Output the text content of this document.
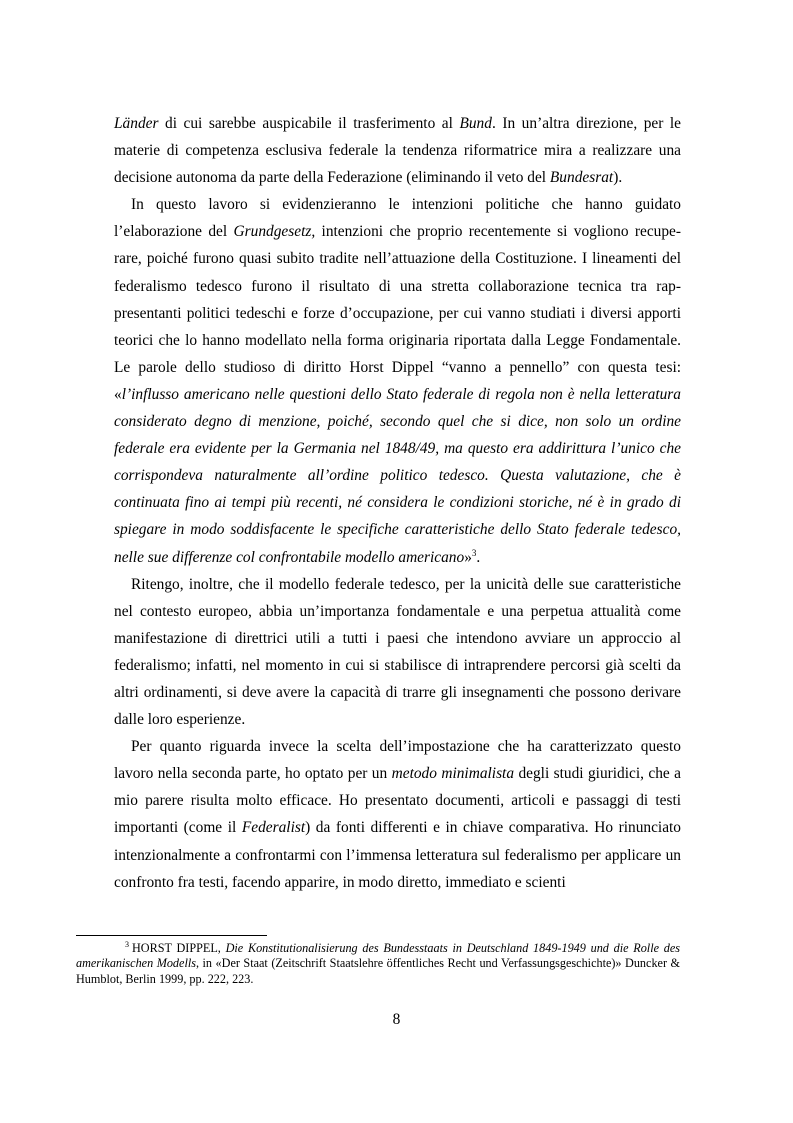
Länder di cui sarebbe auspicabile il trasferimento al Bund. In un’altra direzione, per le materie di competenza esclusiva federale la tendenza riformatrice mira a realizzare una decisione autonoma da parte della Federazione (eliminando il veto del Bundesrat).

In questo lavoro si evidenzieranno le intenzioni politiche che hanno guidato l’elaborazione del Grundgesetz, intenzioni che proprio recentemente si vogliono recuperare, poiché furono quasi subito tradite nell’attuazione della Costituzione. I lineamenti del federalismo tedesco furono il risultato di una stretta collaborazione tecnica tra rappresentanti politici tedeschi e forze d’occupazione, per cui vanno studiati i diversi apporti teorici che lo hanno modellato nella forma originaria riportata dalla Legge Fondamentale. Le parole dello studioso di diritto Horst Dippel “vanno a pennello” con questa tesi: «l’influsso americano nelle questioni dello Stato federale di regola non è nella letteratura considerato degno di menzione, poiché, secondo quel che si dice, non solo un ordine federale era evidente per la Germania nel 1848/49, ma questo era addirittura l’unico che corrispondeva naturalmente all’ordine politico tedesco. Questa valutazione, che è continuata fino ai tempi più recenti, né considera le condizioni storiche, né è in grado di spiegare in modo soddisfacente le specifiche caratteristiche dello Stato federale tedesco, nelle sue differenze col confrontabile modello americano»$^3$.

Ritengo, inoltre, che il modello federale tedesco, per la unicità delle sue caratteristiche nel contesto europeo, abbia un’importanza fondamentale e una perpetua attualità come manifestazione di direttrici utili a tutti i paesi che intendono avviare un approccio al federalismo; infatti, nel momento in cui si stabilisce di intraprendere percorsi già scelti da altri ordinamenti, si deve avere la capacità di trarre gli insegnamenti che possono derivare dalle loro esperienze.

Per quanto riguarda invece la scelta dell’impostazione che ha caratterizzato questo lavoro nella seconda parte, ho optato per un metodo minimalista degli studi giuridici, che a mio parere risulta molto efficace. Ho presentato documenti, articoli e passaggi di testi importanti (come il Federalist) da fonti differenti e in chiave comparativa. Ho rinunciato intenzionalmente a confrontarmi con l’immensa letteratura sul federalismo per applicare un confronto fra testi, facendo apparire, in modo diretto, immediato e scienti

$^3$ HORST DIPPEL, Die Konstitutionalisierung des Bundesstaats in Deutschland 1849-1949 und die Rolle des amerikanischen Modells, in «Der Staat (Zeitschrift Staatslehre öffentliches Recht und Verfassungsgeschichte)» Duncker & Humblot, Berlin 1999, pp. 222, 223.
8
